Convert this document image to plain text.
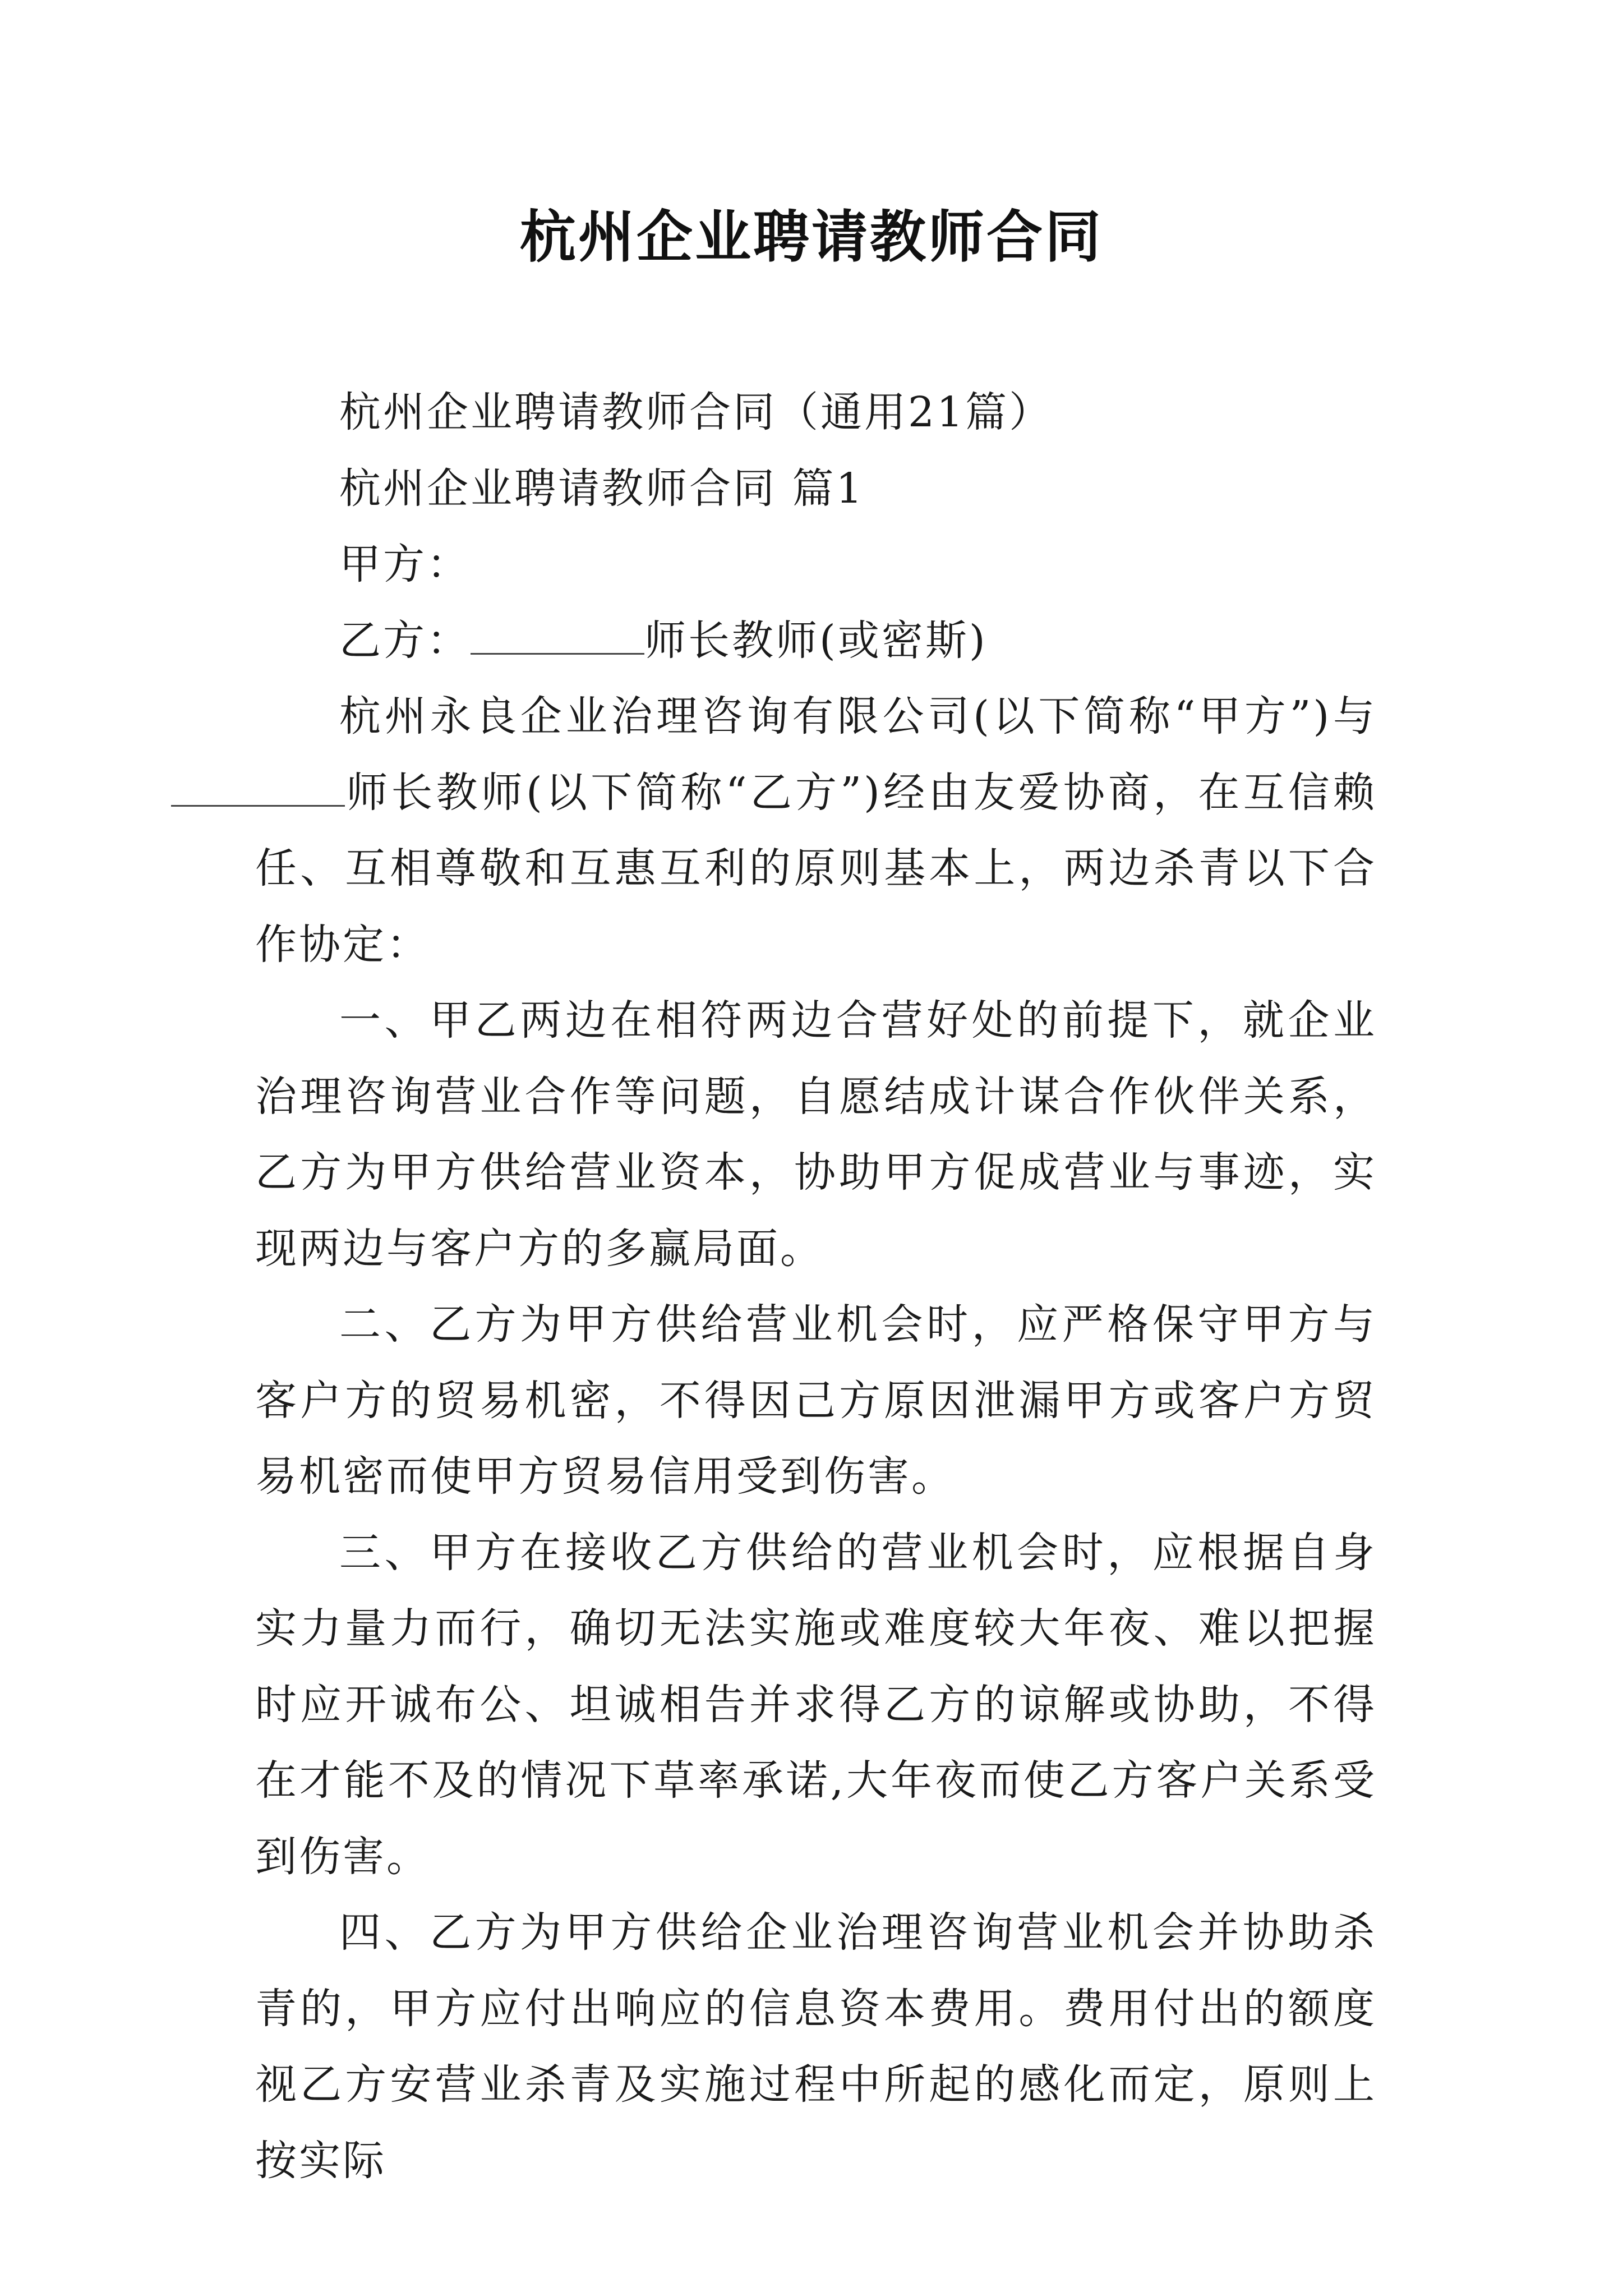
杭州企业聘请教师合同

杭州企业聘请教师合同（通用21篇）

杭州企业聘请教师合同 篇1

甲方：

乙方：	师长教师(或密斯)

杭州永良企业治理咨询有限公司(以下简称“甲方”)与师长教师(以下简称“乙方”)经由友爱协商，在互信赖任、互相尊敬和互惠互利的原则基本上，两边杀青以下合作协定：

一、甲乙两边在相符两边合营好处的前提下，就企业治理咨询营业合作等问题，自愿结成计谋合作伙伴关系，乙方为甲方供给营业资本，协助甲方促成营业与事迹，实现两边与客户方的多赢局面。

二、乙方为甲方供给营业机会时，应严格保守甲方与客户方的贸易机密，不得因己方原因泄漏甲方或客户方贸易机密而使甲方贸易信用受到伤害。

三、甲方在接收乙方供给的营业机会时，应根据自身实力量力而行，确切无法实施或难度较大年夜、难以把握时应开诚布公、坦诚相告并求得乙方的谅解或协助，不得在才能不及的情况下草率承诺,大年夜而使乙方客户关系受到伤害。

四、乙方为甲方供给企业治理咨询营业机会并协助杀青的，甲方应付出响应的信息资本费用。费用付出的额度视乙方安营业杀青及实施过程中所起的感化而定，原则上按实际
